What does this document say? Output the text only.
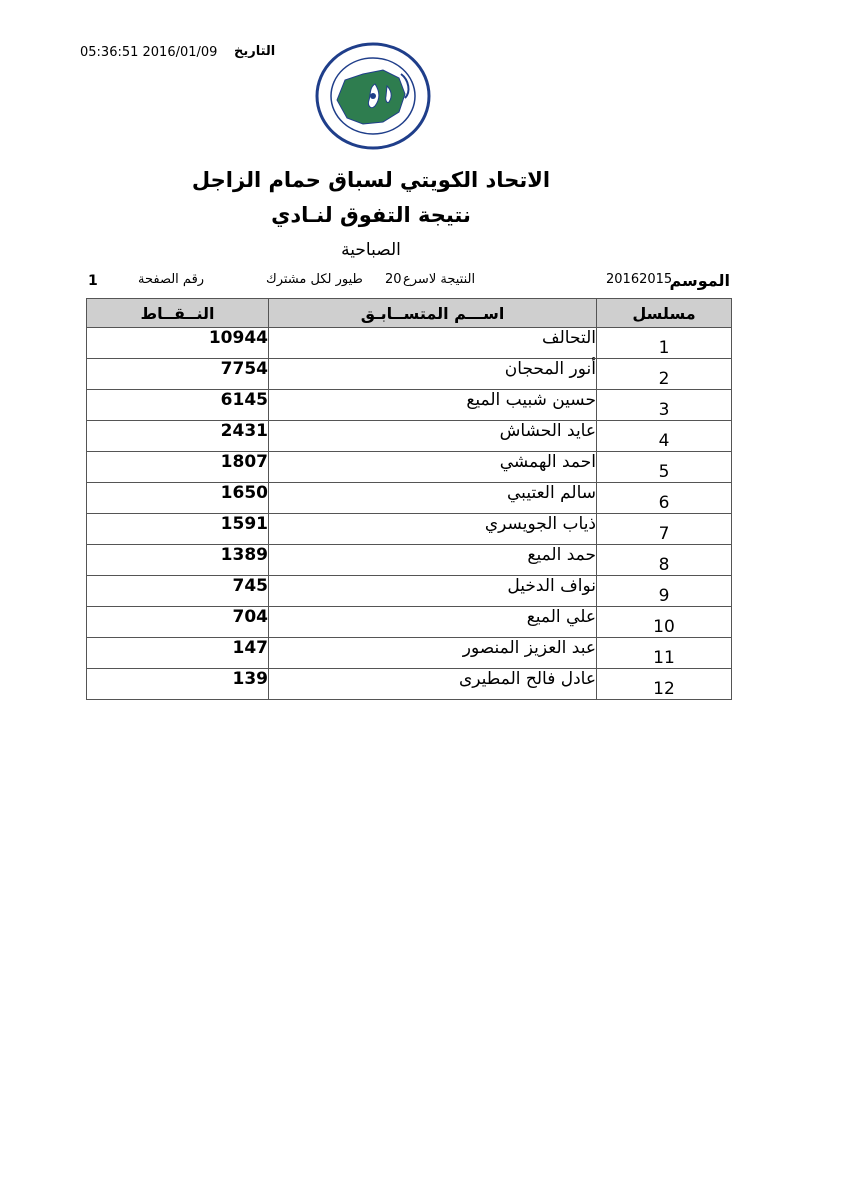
التاريخ
05:36:51 2016/01/09
الاتحاد الكويتي لسباق حمام الزاجل
نتيجة التفوق لنـادي
الصباحية
الموسم
20162015
النتيجة لاسرع
20
طيور لكل مشترك
رقم الصفحة
1
مسلسل	اســـم المتســابـق	النــقــاط
1	التحالف	10944
2	أنور المحجان	7754
3	حسين شبيب الميع	6145
4	عايد الحشاش	2431
5	احمد الهمشي	1807
6	سالم العتيبي	1650
7	ذياب الجويسري	1591
8	حمد الميع	1389
9	نواف الدخيل	745
10	علي الميع	704
11	عبد العزيز المنصور	147
12	عادل فالح المطيرى	139
